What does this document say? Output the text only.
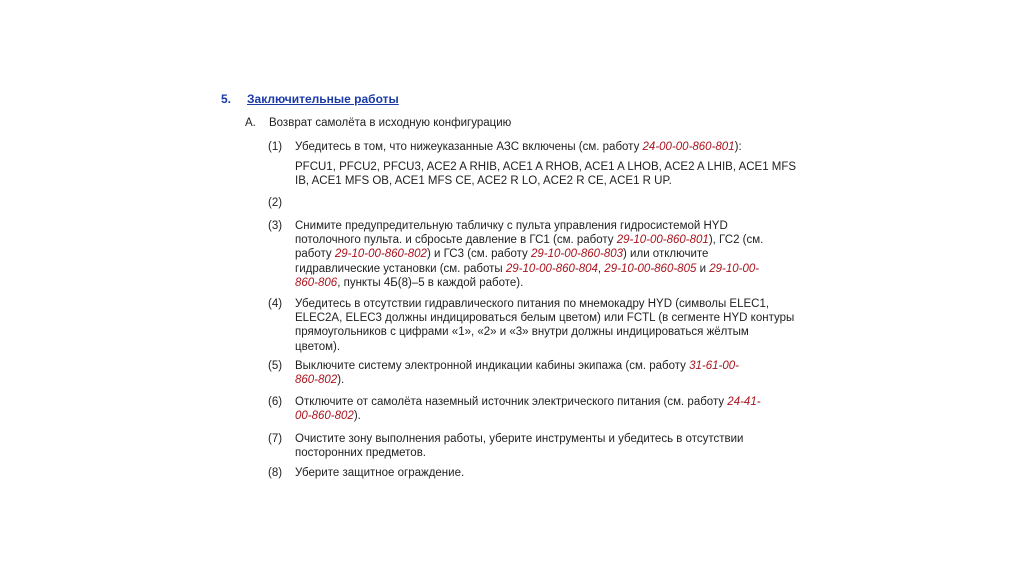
5. Заключительные работы
A. Возврат самолёта в исходную конфигурацию
(1) Убедитесь в том, что нижеуказанные АЗС включены (см. работу 24-00-00-860-801):

PFCU1, PFCU2, PFCU3, ACE2 A RHIB, ACE1 A RHOB, ACE1 A LHOB, ACE2 A LHIB, ACE1 MFS IB, ACE1 MFS OB, ACE1 MFS CE, ACE2 R LO, ACE2 R CE, ACE1 R UP.

(2)
(3) Снимите предупредительную табличку с пульта управления гидросистемой HYD потолочного пульта. и сбросьте давление в ГС1 (см. работу 29-10-00-860-801), ГС2 (см. работу 29-10-00-860-802) и ГС3 (см. работу 29-10-00-860-803) или отключите гидравлические установки (см. работы 29-10-00-860-804, 29-10-00-860-805 и 29-10-00-860-806, пункты 4Б(8)–5 в каждой работе).

(4) Убедитесь в отсутствии гидравлического питания по мнемокадру HYD (символы ELEC1, ELEC2A, ELEC3 должны индицироваться белым цветом) или FCTL (в сегменте HYD контуры прямоугольников с цифрами «1», «2» и «3» внутри должны индицироваться жёлтым цветом).

(5) Выключите систему электронной индикации кабины экипажа (см. работу 31-61-00-860-802).

(6) Отключите от самолёта наземный источник электрического питания (см. работу 24-41-00-860-802).

(7) Очистите зону выполнения работы, уберите инструменты и убедитесь в отсутствии посторонних предметов.

(8) Уберите защитное ограждение.
